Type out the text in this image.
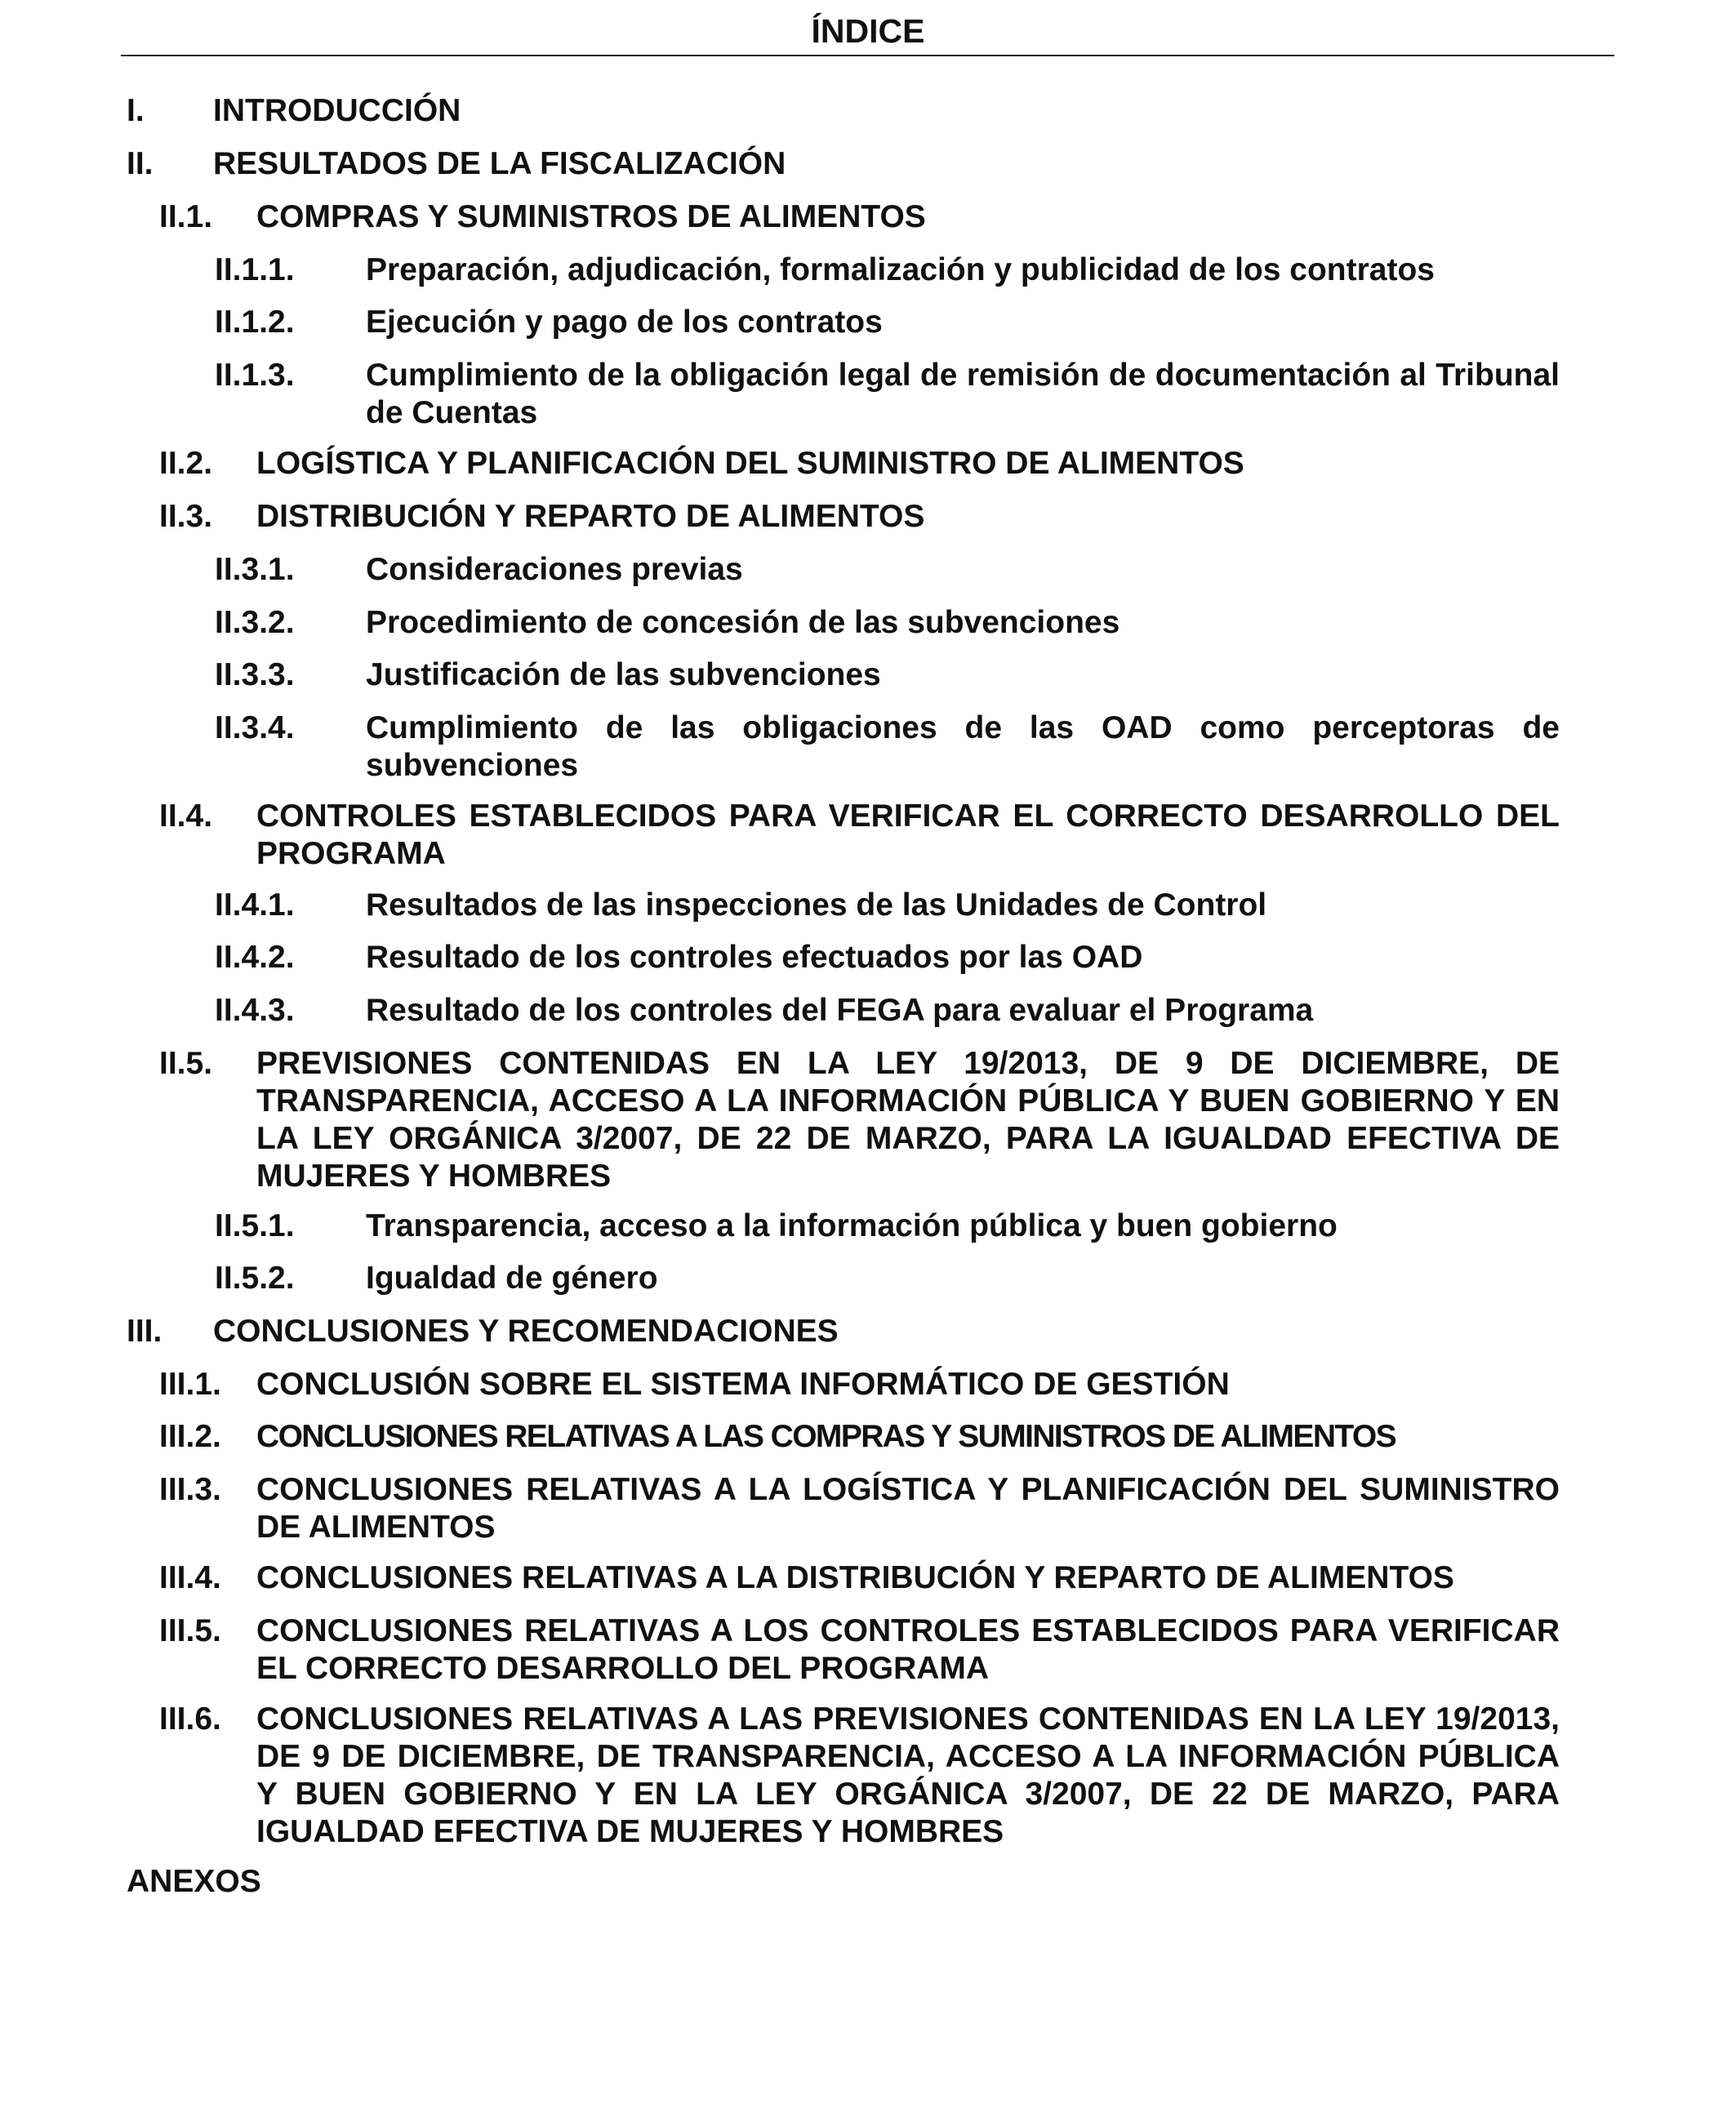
ÍNDICE
I. INTRODUCCIÓN
II. RESULTADOS DE LA FISCALIZACIÓN
II.1. COMPRAS Y SUMINISTROS DE ALIMENTOS
II.1.1. Preparación, adjudicación, formalización y publicidad de los contratos
II.1.2. Ejecución y pago de los contratos
II.1.3. Cumplimiento de la obligación legal de remisión de documentación al Tribunal de Cuentas
II.2. LOGÍSTICA Y PLANIFICACIÓN DEL SUMINISTRO DE ALIMENTOS
II.3. DISTRIBUCIÓN Y REPARTO DE ALIMENTOS
II.3.1. Consideraciones previas
II.3.2. Procedimiento de concesión de las subvenciones
II.3.3. Justificación de las subvenciones
II.3.4. Cumplimiento de las obligaciones de las OAD como perceptoras de subvenciones
II.4. CONTROLES ESTABLECIDOS PARA VERIFICAR EL CORRECTO DESARROLLO DEL PROGRAMA
II.4.1. Resultados de las inspecciones de las Unidades de Control
II.4.2. Resultado de los controles efectuados por las OAD
II.4.3. Resultado de los controles del FEGA para evaluar el Programa
II.5. PREVISIONES CONTENIDAS EN LA LEY 19/2013, DE 9 DE DICIEMBRE, DE TRANSPARENCIA, ACCESO A LA INFORMACIÓN PÚBLICA Y BUEN GOBIERNO Y EN LA LEY ORGÁNICA 3/2007, DE 22 DE MARZO, PARA LA IGUALDAD EFECTIVA DE MUJERES Y HOMBRES
II.5.1. Transparencia, acceso a la información pública y buen gobierno
II.5.2. Igualdad de género
III. CONCLUSIONES Y RECOMENDACIONES
III.1. CONCLUSIÓN SOBRE EL SISTEMA INFORMÁTICO DE GESTIÓN
III.2. CONCLUSIONES RELATIVAS A LAS COMPRAS Y SUMINISTROS DE ALIMENTOS
III.3. CONCLUSIONES RELATIVAS A LA LOGÍSTICA Y PLANIFICACIÓN DEL SUMINISTRO DE ALIMENTOS
III.4. CONCLUSIONES RELATIVAS A LA DISTRIBUCIÓN Y REPARTO DE ALIMENTOS
III.5. CONCLUSIONES RELATIVAS A LOS CONTROLES ESTABLECIDOS PARA VERIFICAR EL CORRECTO DESARROLLO DEL PROGRAMA
III.6. CONCLUSIONES RELATIVAS A LAS PREVISIONES CONTENIDAS EN LA LEY 19/2013, DE 9 DE DICIEMBRE, DE TRANSPARENCIA, ACCESO A LA INFORMACIÓN PÚBLICA Y BUEN GOBIERNO Y EN LA LEY ORGÁNICA 3/2007, DE 22 DE MARZO, PARA IGUALDAD EFECTIVA DE MUJERES Y HOMBRES
ANEXOS
